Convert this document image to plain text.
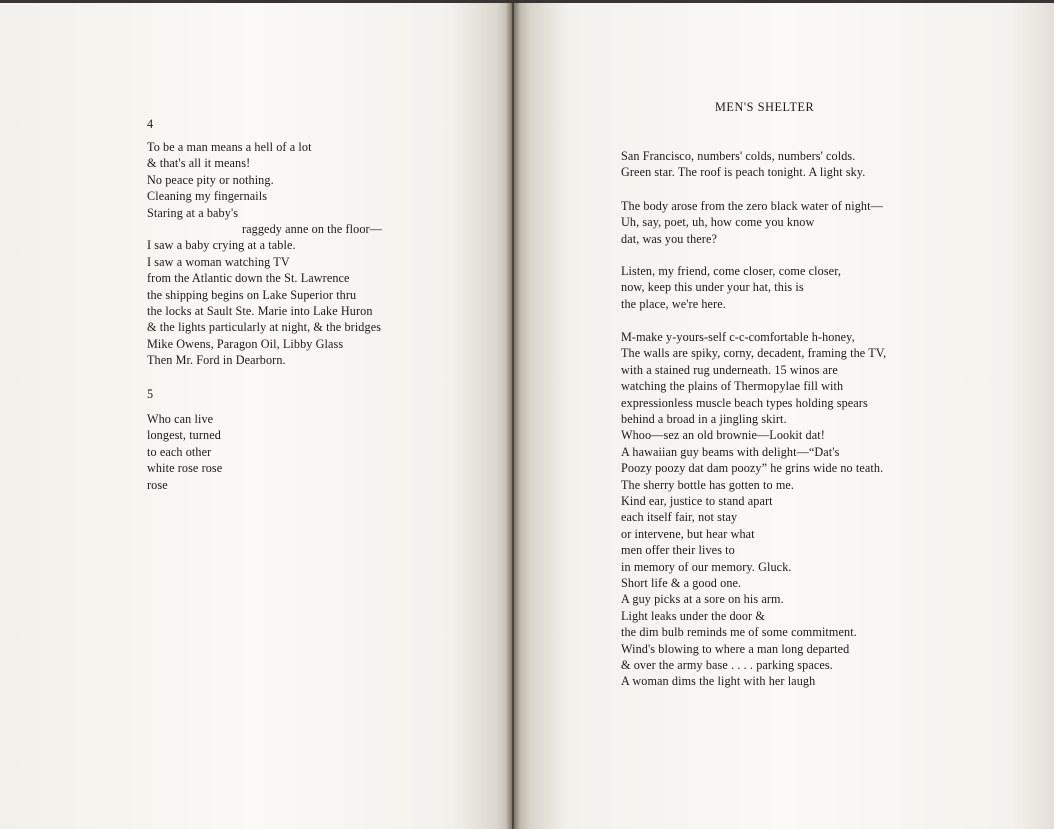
4
To be a man means a hell of a lot
& that's all it means!
No peace pity or nothing.
Cleaning my fingernails
Staring at a baby's
raggedy anne on the floor—
I saw a baby crying at a table.
I saw a woman watching TV
from the Atlantic down the St. Lawrence
the shipping begins on Lake Superior thru
the locks at Sault Ste. Marie into Lake Huron
& the lights particularly at night, & the bridges
Mike Owens, Paragon Oil, Libby Glass
Then Mr. Ford in Dearborn.
5
Who can live
longest, turned
to each other
white rose rose
rose
MEN'S SHELTER
San Francisco, numbers' colds, numbers' colds.
Green star. The roof is peach tonight. A light sky.
The body arose from the zero black water of night—
Uh, say, poet, uh, how come you know
dat, was you there?
Listen, my friend, come closer, come closer,
now, keep this under your hat, this is
the place, we're here.
M-make y-yours-self c-c-comfortable h-honey,
The walls are spiky, corny, decadent, framing the TV,
with a stained rug underneath. 15 winos are
watching the plains of Thermopylae fill with
expressionless muscle beach types holding spears
behind a broad in a jingling skirt.
Whoo—sez an old brownie—Lookit dat!
A hawaiian guy beams with delight—“Dat's
Poozy poozy dat dam poozy” he grins wide no teath.
The sherry bottle has gotten to me.
Kind ear, justice to stand apart
each itself fair, not stay
or intervene, but hear what
men offer their lives to
in memory of our memory. Gluck.
Short life & a good one.
A guy picks at a sore on his arm.
Light leaks under the door &
the dim bulb reminds me of some commitment.
Wind's blowing to where a man long departed
& over the army base . . . . parking spaces.
A woman dims the light with her laugh
